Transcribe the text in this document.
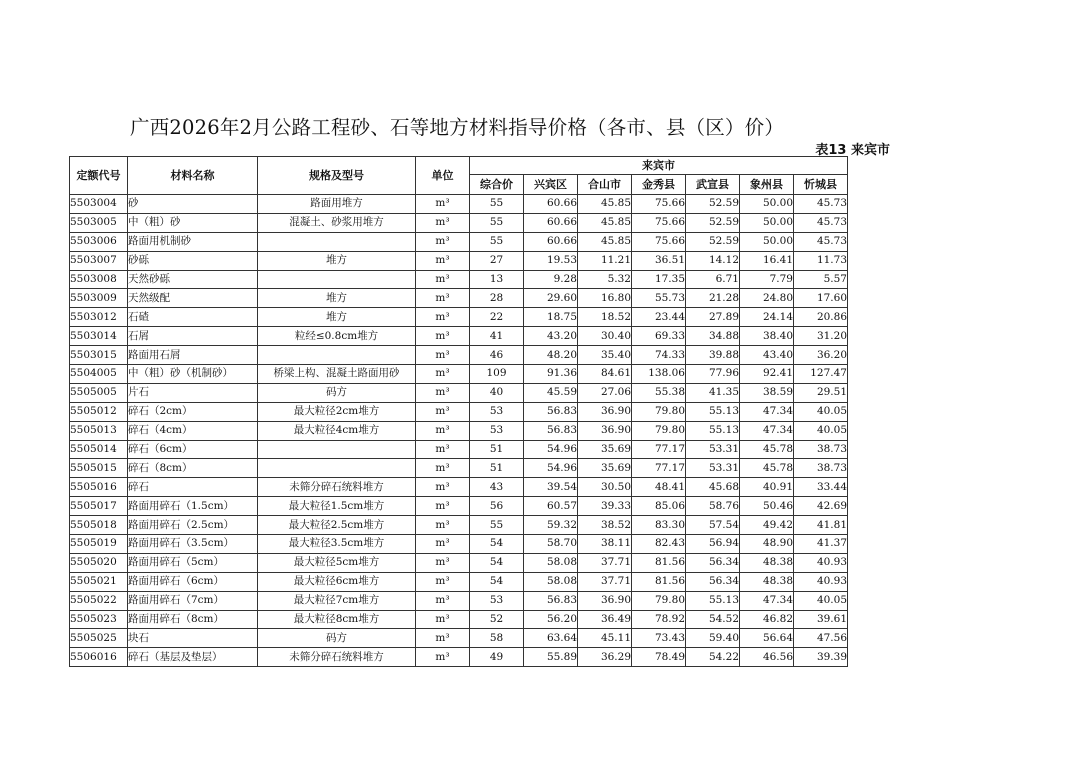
广西2026年2月公路工程砂、石等地方材料指导价格（各市、县（区）价）
表13 来宾市
定额代号	材料名称	规格及型号	单位	来宾市						
				综合价	兴宾区	合山市	金秀县	武宣县	象州县	忻城县
5503004	砂	路面用堆方	m³	55	60.66	45.85	75.66	52.59	50.00	45.73
5503005	中（粗）砂	混凝土、砂浆用堆方	m³	55	60.66	45.85	75.66	52.59	50.00	45.73
5503006	路面用机制砂		m³	55	60.66	45.85	75.66	52.59	50.00	45.73
5503007	砂砾	堆方	m³	27	19.53	11.21	36.51	14.12	16.41	11.73
5503008	天然砂砾		m³	13	9.28	5.32	17.35	6.71	7.79	5.57
5503009	天然级配	堆方	m³	28	29.60	16.80	55.73	21.28	24.80	17.60
5503012	石碴	堆方	m³	22	18.75	18.52	23.44	27.89	24.14	20.86
5503014	石屑	粒经≤0.8cm堆方	m³	41	43.20	30.40	69.33	34.88	38.40	31.20
5503015	路面用石屑		m³	46	48.20	35.40	74.33	39.88	43.40	36.20
5504005	中（粗）砂（机制砂）	桥梁上构、混凝土路面用砂	m³	109	91.36	84.61	138.06	77.96	92.41	127.47
5505005	片石	码方	m³	40	45.59	27.06	55.38	41.35	38.59	29.51
5505012	碎石（2cm）	最大粒径2cm堆方	m³	53	56.83	36.90	79.80	55.13	47.34	40.05
5505013	碎石（4cm）	最大粒径4cm堆方	m³	53	56.83	36.90	79.80	55.13	47.34	40.05
5505014	碎石（6cm）		m³	51	54.96	35.69	77.17	53.31	45.78	38.73
5505015	碎石（8cm）		m³	51	54.96	35.69	77.17	53.31	45.78	38.73
5505016	碎石	未筛分碎石统料堆方	m³	43	39.54	30.50	48.41	45.68	40.91	33.44
5505017	路面用碎石（1.5cm）	最大粒径1.5cm堆方	m³	56	60.57	39.33	85.06	58.76	50.46	42.69
5505018	路面用碎石（2.5cm）	最大粒径2.5cm堆方	m³	55	59.32	38.52	83.30	57.54	49.42	41.81
5505019	路面用碎石（3.5cm）	最大粒径3.5cm堆方	m³	54	58.70	38.11	82.43	56.94	48.90	41.37
5505020	路面用碎石（5cm）	最大粒径5cm堆方	m³	54	58.08	37.71	81.56	56.34	48.38	40.93
5505021	路面用碎石（6cm）	最大粒径6cm堆方	m³	54	58.08	37.71	81.56	56.34	48.38	40.93
5505022	路面用碎石（7cm）	最大粒径7cm堆方	m³	53	56.83	36.90	79.80	55.13	47.34	40.05
5505023	路面用碎石（8cm）	最大粒径8cm堆方	m³	52	56.20	36.49	78.92	54.52	46.82	39.61
5505025	块石	码方	m³	58	63.64	45.11	73.43	59.40	56.64	47.56
5506016	碎石（基层及垫层）	未筛分碎石统料堆方	m³	49	55.89	36.29	78.49	54.22	46.56	39.39
